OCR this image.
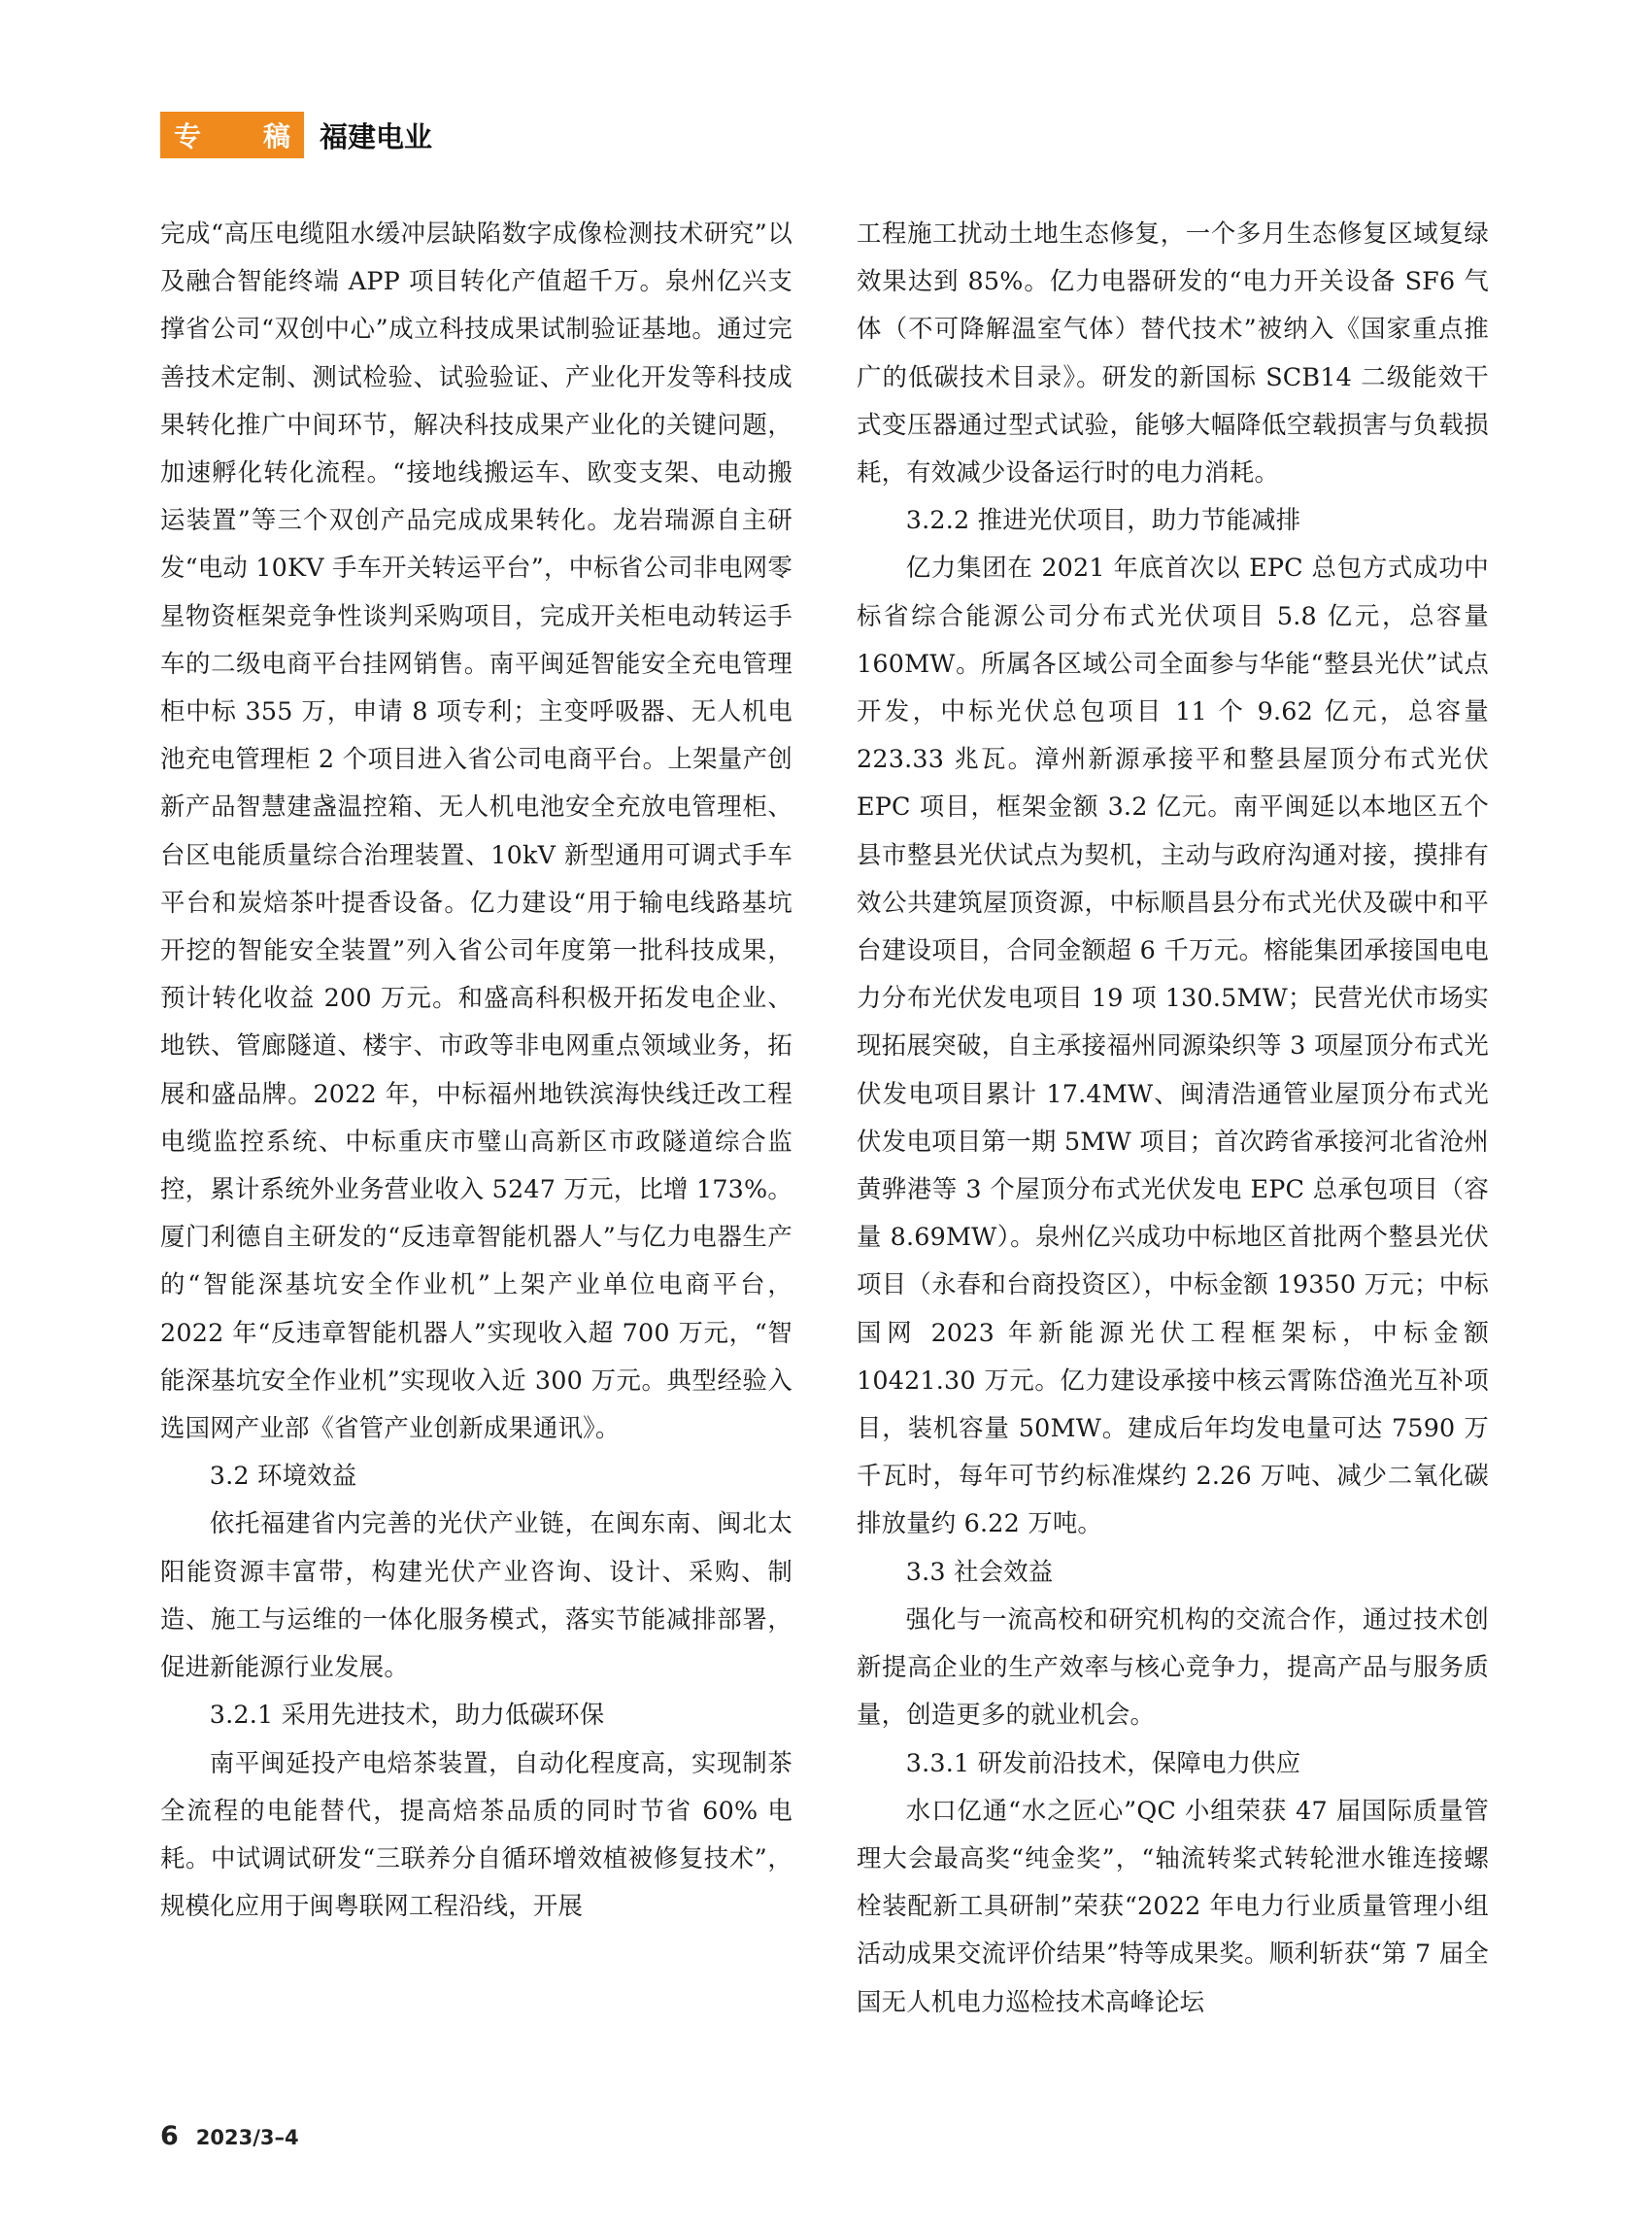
专 稿 福建电业

完成“高压电缆阻水缓冲层缺陷数字成像检测技术研究”以及融合智能终端 APP 项目转化产值超千万。泉州亿兴支撑省公司“双创中心”成立科技成果试制验证基地。通过完善技术定制、测试检验、试验验证、产业化开发等科技成果转化推广中间环节，解决科技成果产业化的关键问题，加速孵化转化流程。“接地线搬运车、欧变支架、电动搬运装置”等三个双创产品完成成果转化。龙岩瑞源自主研发“电动 10KV 手车开关转运平台”，中标省公司非电网零星物资框架竞争性谈判采购项目，完成开关柜电动转运手车的二级电商平台挂网销售。南平闽延智能安全充电管理柜中标 355 万，申请 8 项专利；主变呼吸器、无人机电池充电管理柜 2 个项目进入省公司电商平台。上架量产创新产品智慧建盏温控箱、无人机电池安全充放电管理柜、台区电能质量综合治理装置、10kV 新型通用可调式手车平台和炭焙茶叶提香设备。亿力建设“用于输电线路基坑开挖的智能安全装置”列入省公司年度第一批科技成果，预计转化收益 200 万元。和盛高科积极开拓发电企业、地铁、管廊隧道、楼宇、市政等非电网重点领域业务，拓展和盛品牌。2022 年，中标福州地铁滨海快线迁改工程电缆监控系统、中标重庆市璧山高新区市政隧道综合监控，累计系统外业务营业收入 5247 万元，比增 173%。厦门利德自主研发的“反违章智能机器人”与亿力电器生产的“智能深基坑安全作业机”上架产业单位电商平台，2022 年“反违章智能机器人”实现收入超 700 万元，“智能深基坑安全作业机”实现收入近 300 万元。典型经验入选国网产业部《省管产业创新成果通讯》。

3.2 环境效益

依托福建省内完善的光伏产业链，在闽东南、闽北太阳能资源丰富带，构建光伏产业咨询、设计、采购、制造、施工与运维的一体化服务模式，落实节能减排部署，促进新能源行业发展。

3.2.1 采用先进技术，助力低碳环保

南平闽延投产电焙茶装置，自动化程度高，实现制茶全流程的电能替代，提高焙茶品质的同时节省 60% 电耗。中试调试研发“三联养分自循环增效植被修复技术”，规模化应用于闽粤联网工程沿线，开展

工程施工扰动土地生态修复，一个多月生态修复区域复绿效果达到 85%。亿力电器研发的“电力开关设备 SF6 气体（不可降解温室气体）替代技术”被纳入《国家重点推广的低碳技术目录》。研发的新国标 SCB14 二级能效干式变压器通过型式试验，能够大幅降低空载损害与负载损耗，有效减少设备运行时的电力消耗。

3.2.2 推进光伏项目，助力节能减排

亿力集团在 2021 年底首次以 EPC 总包方式成功中标省综合能源公司分布式光伏项目 5.8 亿元，总容量 160MW。所属各区域公司全面参与华能“整县光伏”试点开发，中标光伏总包项目 11 个 9.62 亿元，总容量 223.33 兆瓦。漳州新源承接平和整县屋顶分布式光伏 EPC 项目，框架金额 3.2 亿元。南平闽延以本地区五个县市整县光伏试点为契机，主动与政府沟通对接，摸排有效公共建筑屋顶资源，中标顺昌县分布式光伏及碳中和平台建设项目，合同金额超 6 千万元。榕能集团承接国电电力分布光伏发电项目 19 项 130.5MW；民营光伏市场实现拓展突破，自主承接福州同源染织等 3 项屋顶分布式光伏发电项目累计 17.4MW、闽清浩通管业屋顶分布式光伏发电项目第一期 5MW 项目；首次跨省承接河北省沧州黄骅港等 3 个屋顶分布式光伏发电 EPC 总承包项目（容量 8.69MW）。泉州亿兴成功中标地区首批两个整县光伏项目（永春和台商投资区），中标金额 19350 万元；中标国网 2023 年新能源光伏工程框架标，中标金额 10421.30 万元。亿力建设承接中核云霄陈岱渔光互补项目，装机容量 50MW。建成后年均发电量可达 7590 万千瓦时，每年可节约标准煤约 2.26 万吨、减少二氧化碳排放量约 6.22 万吨。

3.3 社会效益

强化与一流高校和研究机构的交流合作，通过技术创新提高企业的生产效率与核心竞争力，提高产品与服务质量，创造更多的就业机会。

3.3.1 研发前沿技术，保障电力供应

水口亿通“水之匠心”QC 小组荣获 47 届国际质量管理大会最高奖“纯金奖”，“轴流转桨式转轮泄水锥连接螺栓装配新工具研制”荣获“2022 年电力行业质量管理小组活动成果交流评价结果”特等成果奖。顺利斩获“第 7 届全国无人机电力巡检技术高峰论坛

6 2023/3–4
